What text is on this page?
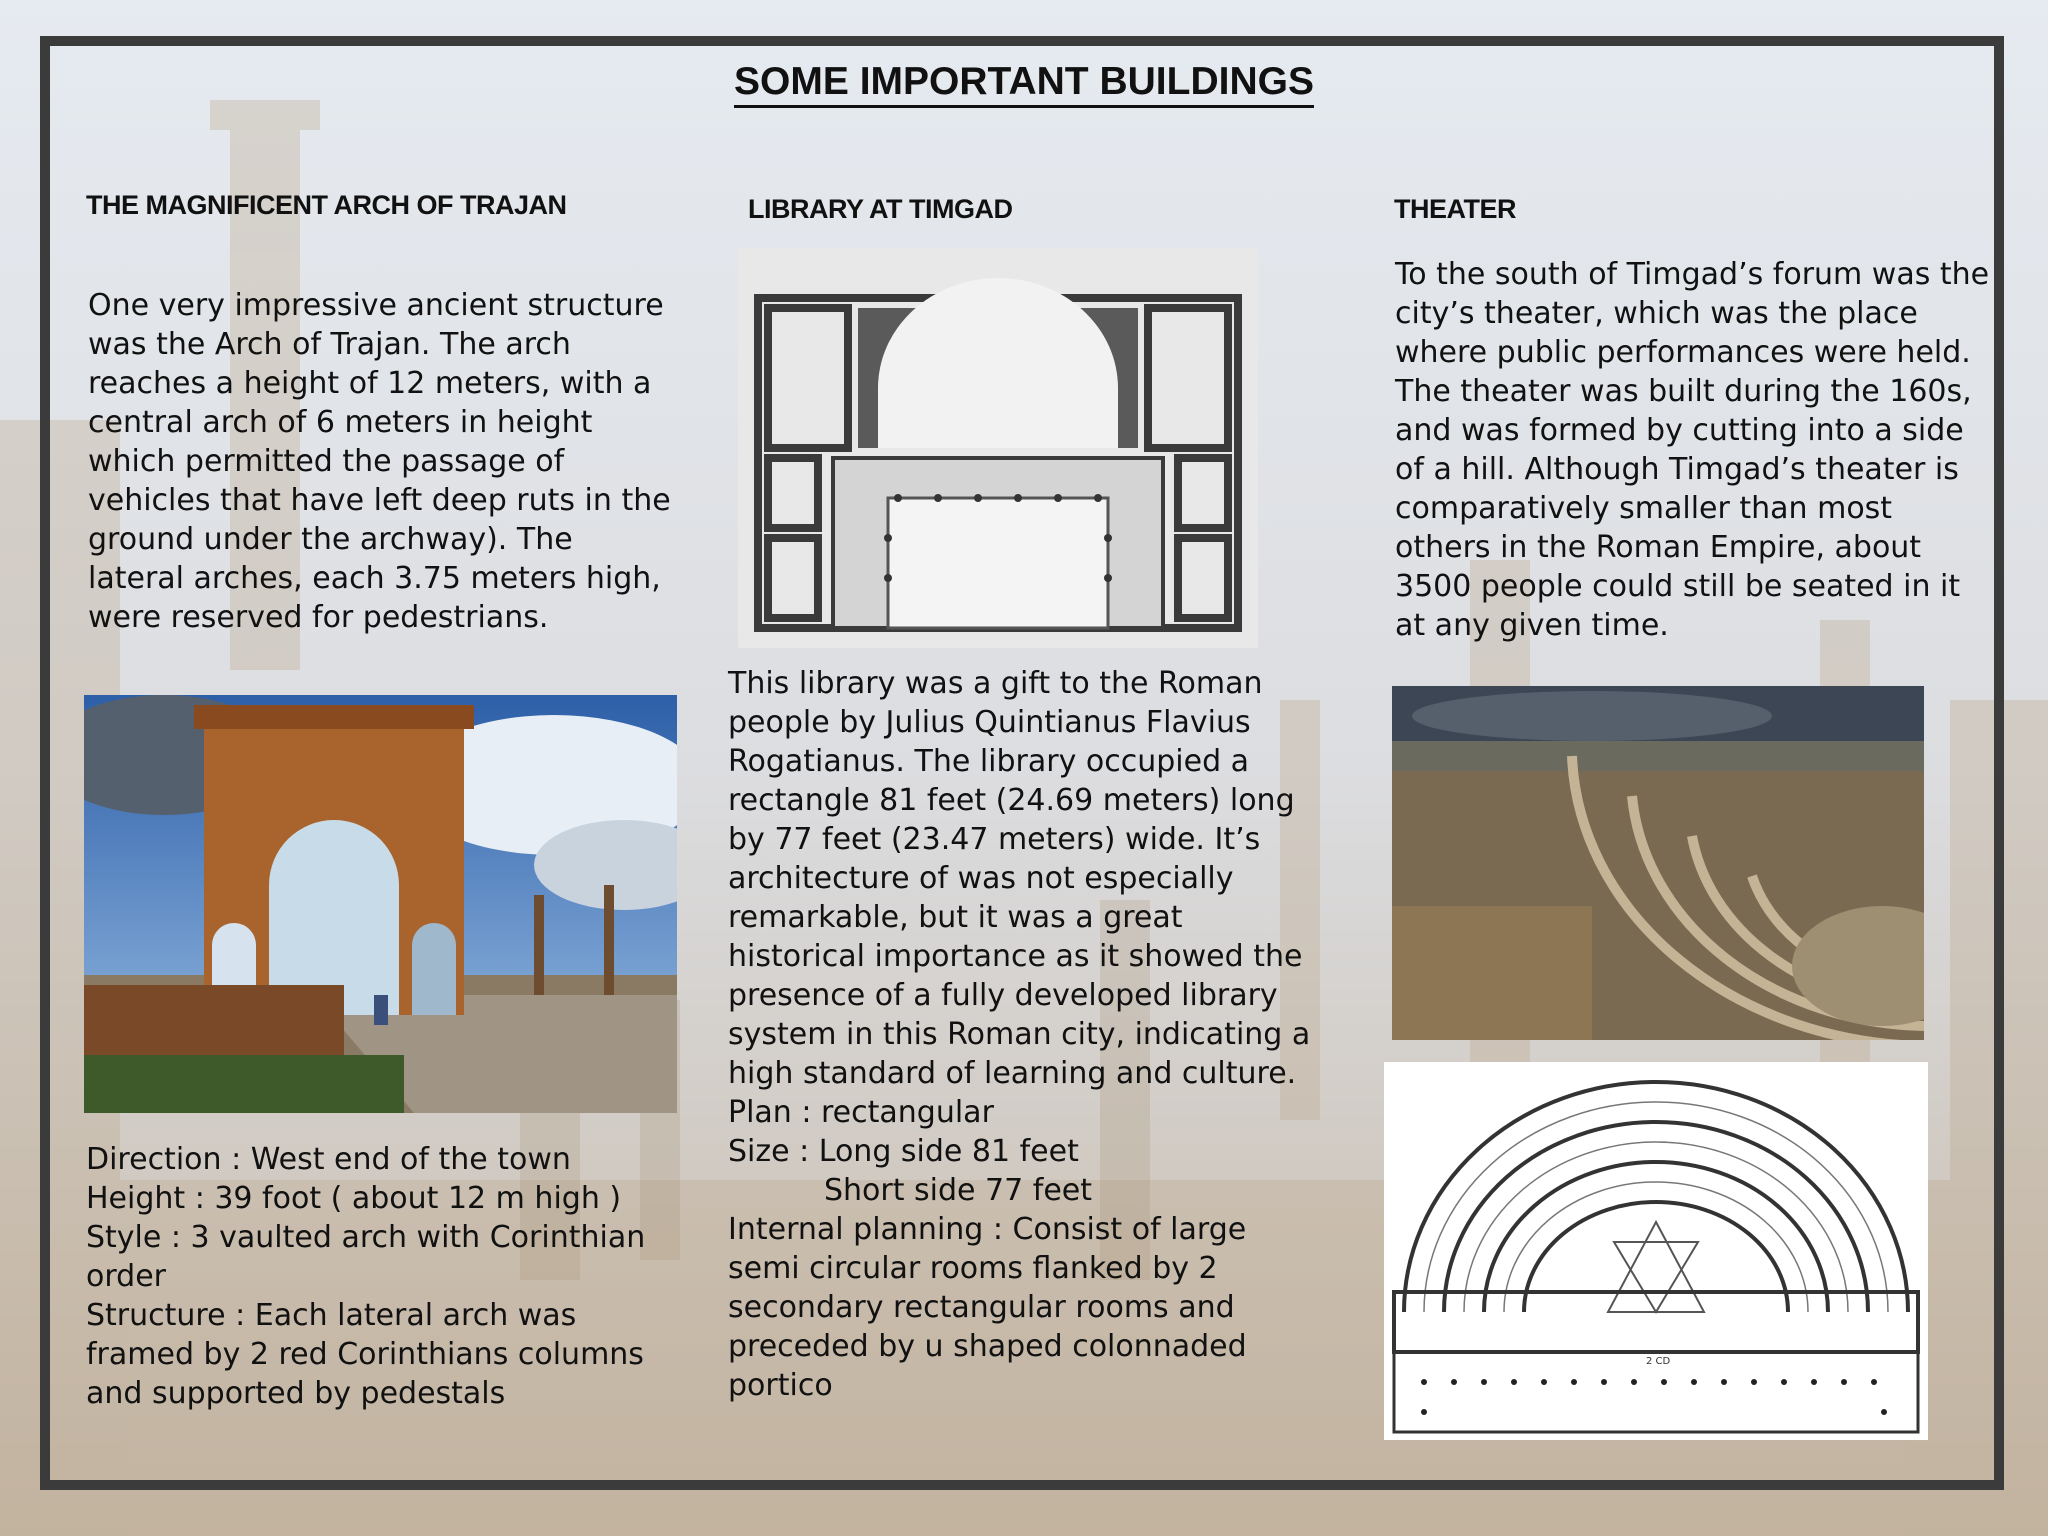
SOME IMPORTANT BUILDINGS
THE MAGNIFICENT ARCH OF TRAJAN
One very impressive ancient structure was the Arch of Trajan. The arch reaches a height of 12 meters, with a central arch of 6 meters in height which permitted the passage of vehicles that have left deep ruts in the ground under the archway). The lateral arches, each 3.75 meters high, were reserved for pedestrians.

Direction : West end of the town

Height : 39 foot ( about 12 m high )

Style : 3 vaulted arch with Corinthian order

Structure : Each lateral arch was framed by 2 red Corinthians columns and supported by pedestals

LIBRARY AT TIMGAD
This library was a gift to the Roman people by Julius Quintianus Flavius Rogatianus. The library occupied a rectangle 81 feet (24.69 meters) long by 77 feet (23.47 meters) wide. It’s architecture of was not especially remarkable, but it was a great historical importance as it showed the presence of a fully developed library system in this Roman city, indicating a high standard of learning and culture.

Plan : rectangular

Size : Long side 81 feet

Short side 77 feet

Internal planning : Consist of large semi circular rooms flanked by 2 secondary rectangular rooms and preceded by u shaped colonnaded portico

THEATER
To the south of Timgad’s forum was the city’s theater, which was the place where public performances were held. The theater was built during the 160s, and was formed by cutting into a side of a hill. Although Timgad’s theater is comparatively smaller than most others in the Roman Empire, about 3500 people could still be seated in it at any given time.
2 CD
